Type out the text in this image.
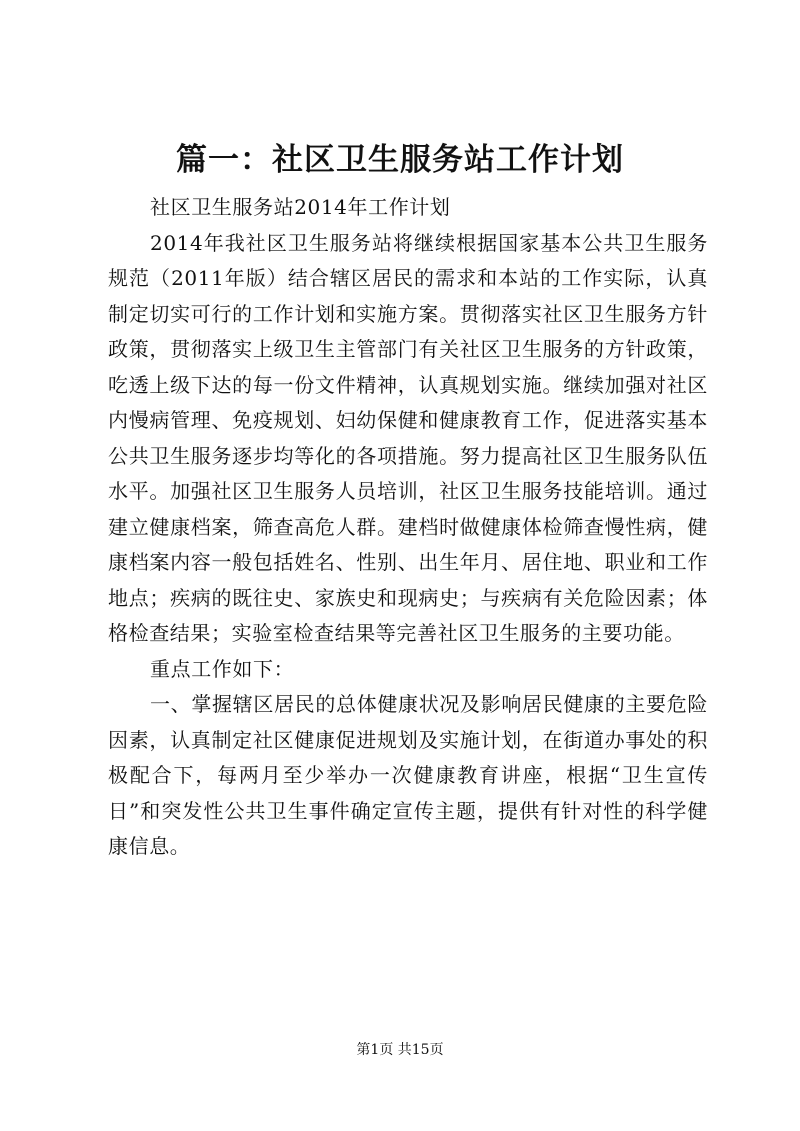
篇一：社区卫生服务站工作计划

社区卫生服务站2014年工作计划

2014年我社区卫生服务站将继续根据国家基本公共卫生服务规范（2011年版）结合辖区居民的需求和本站的工作实际，认真制定切实可行的工作计划和实施方案。贯彻落实社区卫生服务方针政策，贯彻落实上级卫生主管部门有关社区卫生服务的方针政策，吃透上级下达的每一份文件精神，认真规划实施。继续加强对社区内慢病管理、免疫规划、妇幼保健和健康教育工作，促进落实基本公共卫生服务逐步均等化的各项措施。努力提高社区卫生服务队伍水平。加强社区卫生服务人员培训，社区卫生服务技能培训。通过建立健康档案，筛查高危人群。建档时做健康体检筛查慢性病，健康档案内容一般包括姓名、性别、出生年月、居住地、职业和工作地点；疾病的既往史、家族史和现病史；与疾病有关危险因素；体格检查结果；实验室检查结果等完善社区卫生服务的主要功能。

重点工作如下：

一、掌握辖区居民的总体健康状况及影响居民健康的主要危险因素，认真制定社区健康促进规划及实施计划，在街道办事处的积极配合下，每两月至少举办一次健康教育讲座，根据“卫生宣传日”和突发性公共卫生事件确定宣传主题，提供有针对性的科学健康信息。

第1页 共15页
